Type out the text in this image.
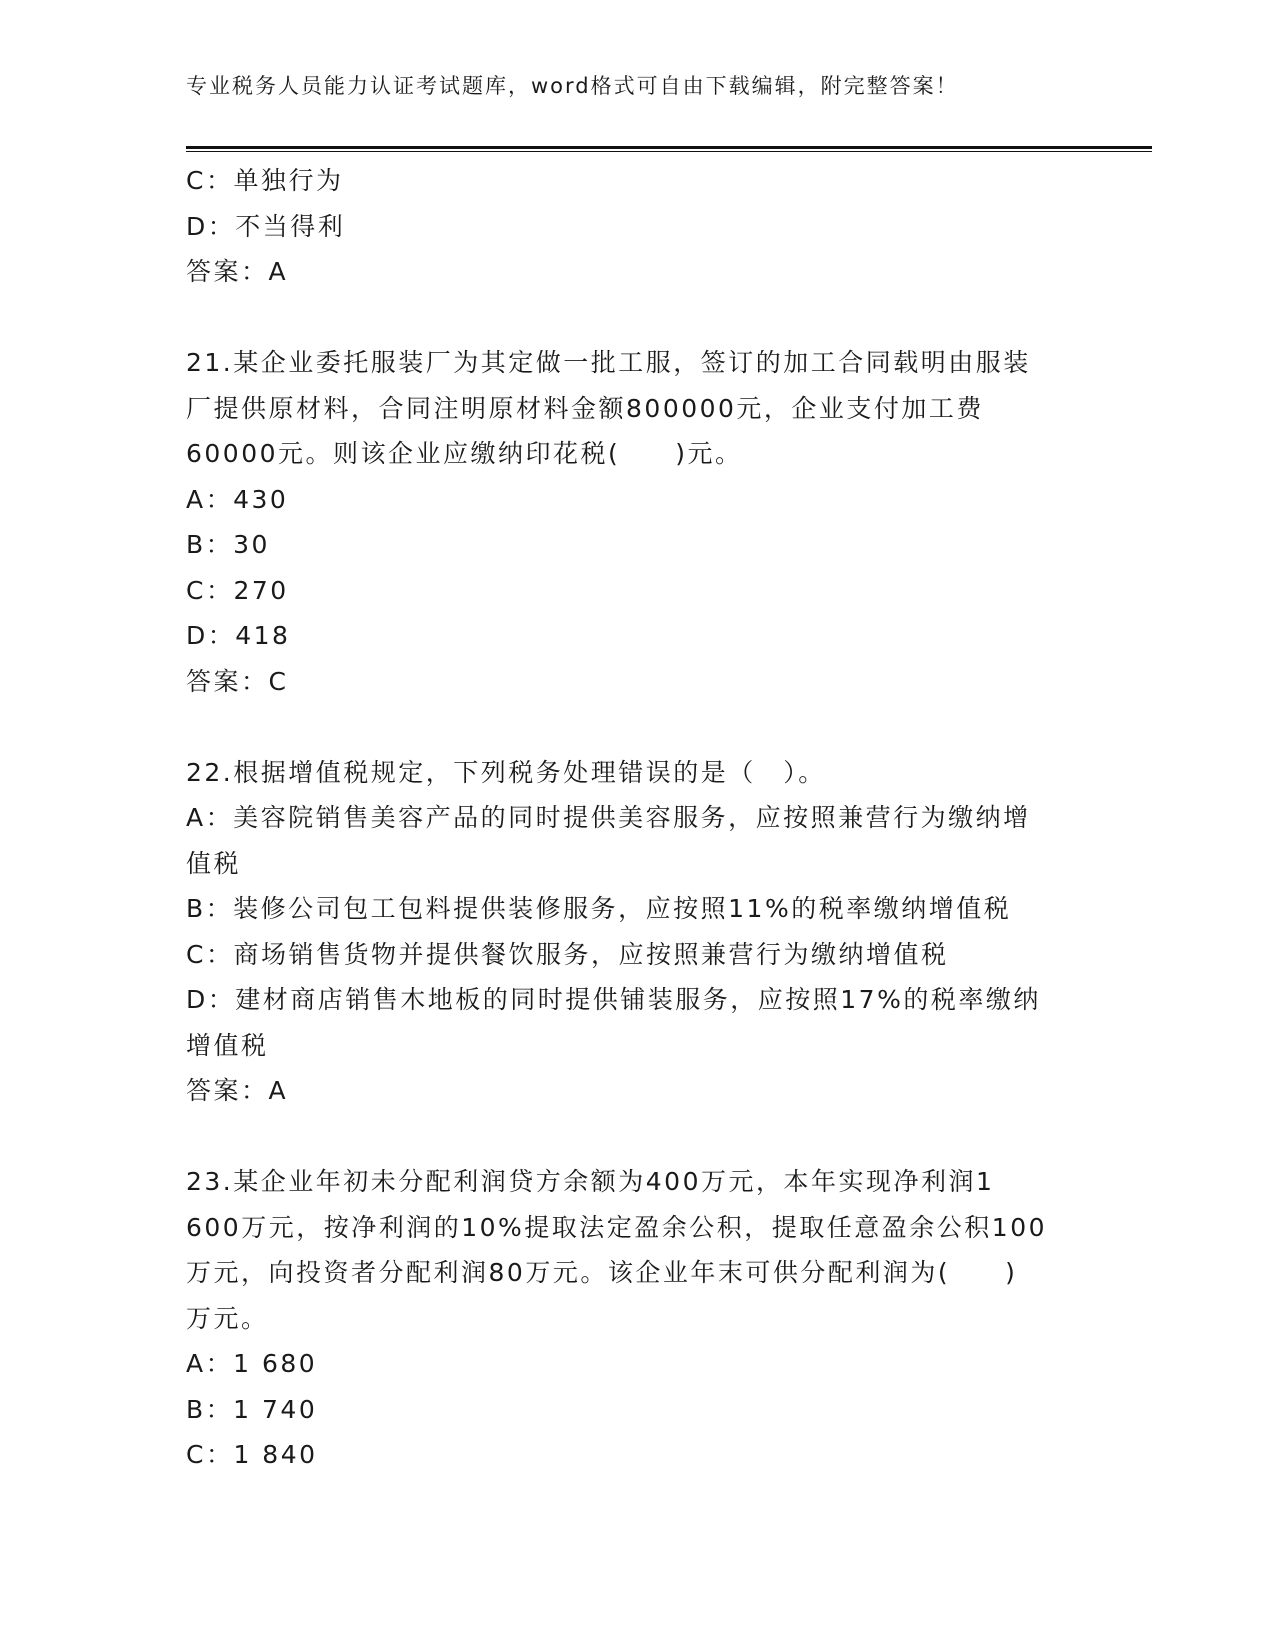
专业税务人员能力认证考试题库，word格式可自由下载编辑，附完整答案！
C：单独行为
D：不当得利
答案：A
21.某企业委托服装厂为其定做一批工服，签订的加工合同载明由服装
厂提供原材料，合同注明原材料金额800000元，企业支付加工费
60000元。则该企业应缴纳印花税(　　)元。
A：430
B：30
C：270
D：418
答案：C
22.根据增值税规定，下列税务处理错误的是（　）。
A：美容院销售美容产品的同时提供美容服务，应按照兼营行为缴纳增
值税
B：装修公司包工包料提供装修服务，应按照11%的税率缴纳增值税
C：商场销售货物并提供餐饮服务，应按照兼营行为缴纳增值税
D：建材商店销售木地板的同时提供铺装服务，应按照17%的税率缴纳
增值税
答案：A
23.某企业年初未分配利润贷方余额为400万元，本年实现净利润1
600万元，按净利润的10%提取法定盈余公积，提取任意盈余公积100
万元，向投资者分配利润80万元。该企业年末可供分配利润为(　　)
万元。
A：1 680
B：1 740
C：1 840
